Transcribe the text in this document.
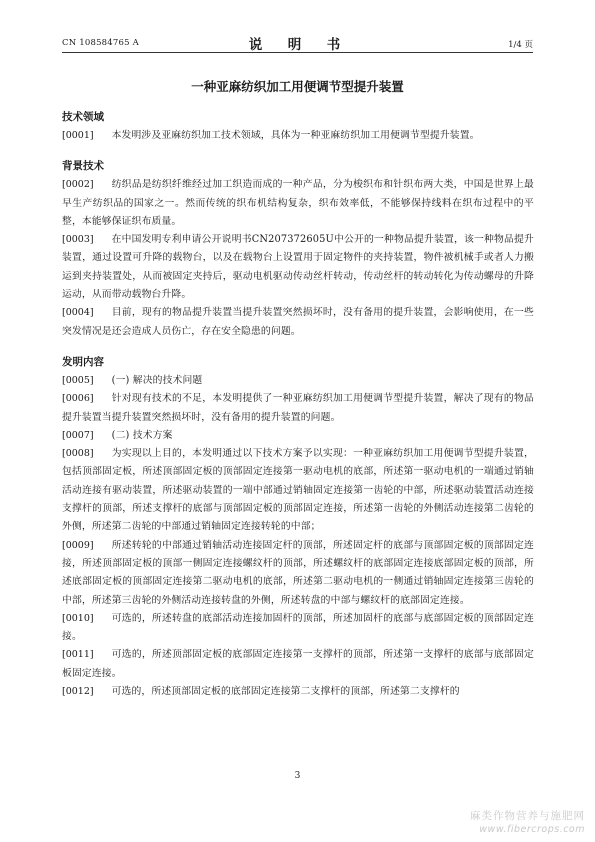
CN 108584765 A	说　明　书	1/4 页
一种亚麻纺织加工用便调节型提升装置
技术领域

[0001] 本发明涉及亚麻纺织加工技术领域，具体为一种亚麻纺织加工用便调节型提升装置。

背景技术

[0002] 纺织品是纺织纤维经过加工织造而成的一种产品，分为梭织布和针织布两大类，中国是世界上最早生产纺织品的国家之一。然而传统的织布机结构复杂，织布效率低，不能够保持线料在织布过程中的平整，本能够保证织布质量。

[0003] 在中国发明专利申请公开说明书CN207372605U中公开的一种物品提升装置，该一种物品提升装置，通过设置可升降的载物台，以及在载物台上设置用于固定物件的夹持装置，物件被机械手或者人力搬运到夹持装置处，从而被固定夹持后，驱动电机驱动传动丝杆转动，传动丝杆的转动转化为传动螺母的升降运动，从而带动载物台升降。

[0004] 目前，现有的物品提升装置当提升装置突然损坏时，没有备用的提升装置，会影响使用，在一些突发情况是还会造成人员伤亡，存在安全隐患的问题。

发明内容

[0005] (一) 解决的技术问题

[0006] 针对现有技术的不足，本发明提供了一种亚麻纺织加工用便调节型提升装置，解决了现有的物品提升装置当提升装置突然损坏时，没有备用的提升装置的问题。

[0007] (二) 技术方案

[0008] 为实现以上目的，本发明通过以下技术方案予以实现：一种亚麻纺织加工用便调节型提升装置，包括顶部固定板，所述顶部固定板的顶部固定连接第一驱动电机的底部，所述第一驱动电机的一端通过销轴活动连接有驱动装置，所述驱动装置的一端中部通过销轴固定连接第一齿轮的中部，所述驱动装置活动连接支撑杆的顶部，所述支撑杆的底部与顶部固定板的顶部固定连接，所述第一齿轮的外侧活动连接第二齿轮的外侧，所述第二齿轮的中部通过销轴固定连接转轮的中部；

[0009] 所述转轮的中部通过销轴活动连接固定杆的顶部，所述固定杆的底部与顶部固定板的顶部固定连接，所述顶部固定板的顶部一侧固定连接螺纹杆的顶部，所述螺纹杆的底部固定连接底部固定板的顶部，所述底部固定板的顶部固定连接第二驱动电机的底部，所述第二驱动电机的一侧通过销轴固定连接第三齿轮的中部，所述第三齿轮的外侧活动连接转盘的外侧，所述转盘的中部与螺纹杆的底部固定连接。

[0010] 可选的，所述转盘的底部活动连接加固杆的顶部，所述加固杆的底部与底部固定板的顶部固定连接。

[0011] 可选的，所述顶部固定板的底部固定连接第一支撑杆的顶部，所述第一支撑杆的底部与底部固定板固定连接。

[0012] 可选的，所述顶部固定板的底部固定连接第二支撑杆的顶部，所述第二支撑杆的

3
麻类作物营养与施肥网
www.fibercrops.com
